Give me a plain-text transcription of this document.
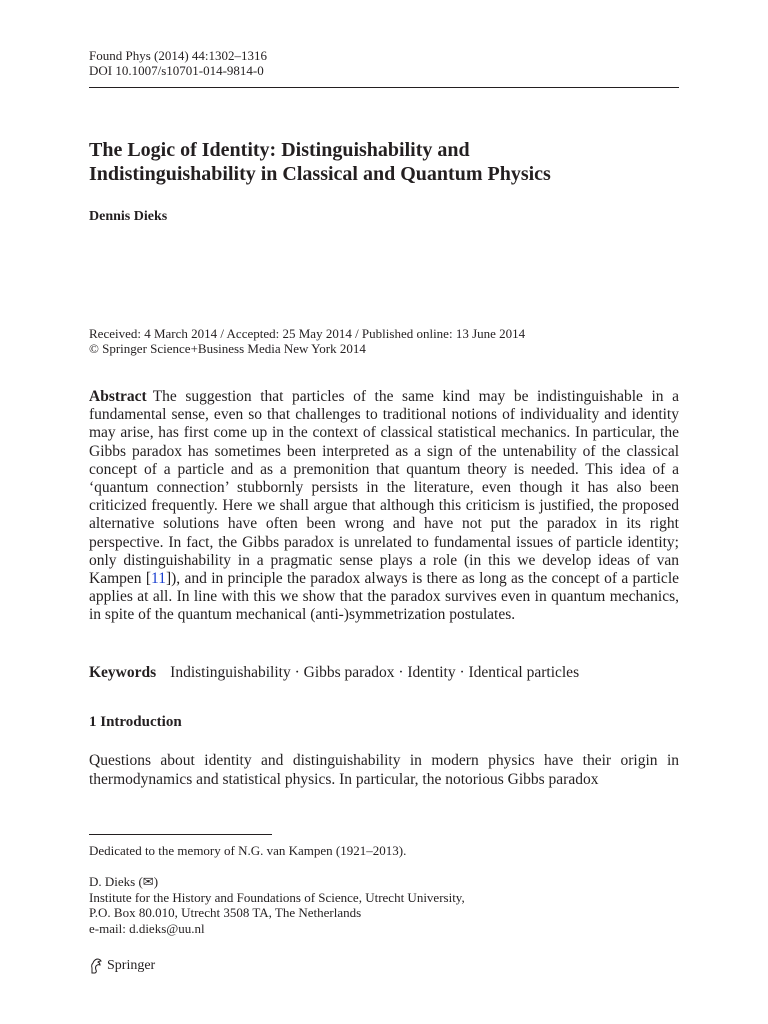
Found Phys (2014) 44:1302–1316
DOI 10.1007/s10701-014-9814-0
The Logic of Identity: Distinguishability and
Indistinguishability in Classical and Quantum Physics
Dennis Dieks
Received: 4 March 2014 / Accepted: 25 May 2014 / Published online: 13 June 2014
© Springer Science+Business Media New York 2014

Abstract The suggestion that particles of the same kind may be indistinguishable in a fundamental sense, even so that challenges to traditional notions of individuality and identity may arise, has first come up in the context of classical statistical mechanics. In particular, the Gibbs paradox has sometimes been interpreted as a sign of the untenability of the classical concept of a particle and as a premonition that quantum theory is needed. This idea of a ‘quantum connection’ stubbornly persists in the literature, even though it has also been criticized frequently. Here we shall argue that although this criticism is justified, the proposed alternative solutions have often been wrong and have not put the paradox in its right perspective. In fact, the Gibbs paradox is unrelated to fundamental issues of particle identity; only distinguishability in a pragmatic sense plays a role (in this we develop ideas of van Kampen [11]), and in principle the paradox always is there as long as the concept of a particle applies at all. In line with this we show that the paradox survives even in quantum mechanics, in spite of the quantum mechanical (anti-)symmetrization postulates.

Keywords Indistinguishability · Gibbs paradox · Identity · Identical particles
1 Introduction

Questions about identity and distinguishability in modern physics have their origin in thermodynamics and statistical physics. In particular, the notorious Gibbs paradox

Dedicated to the memory of N.G. van Kampen (1921–2013).
D. Dieks (✉)
Institute for the History and Foundations of Science, Utrecht University,
P.O. Box 80.010, Utrecht 3508 TA, The Netherlands
e-mail: d.dieks@uu.nl
Springer
